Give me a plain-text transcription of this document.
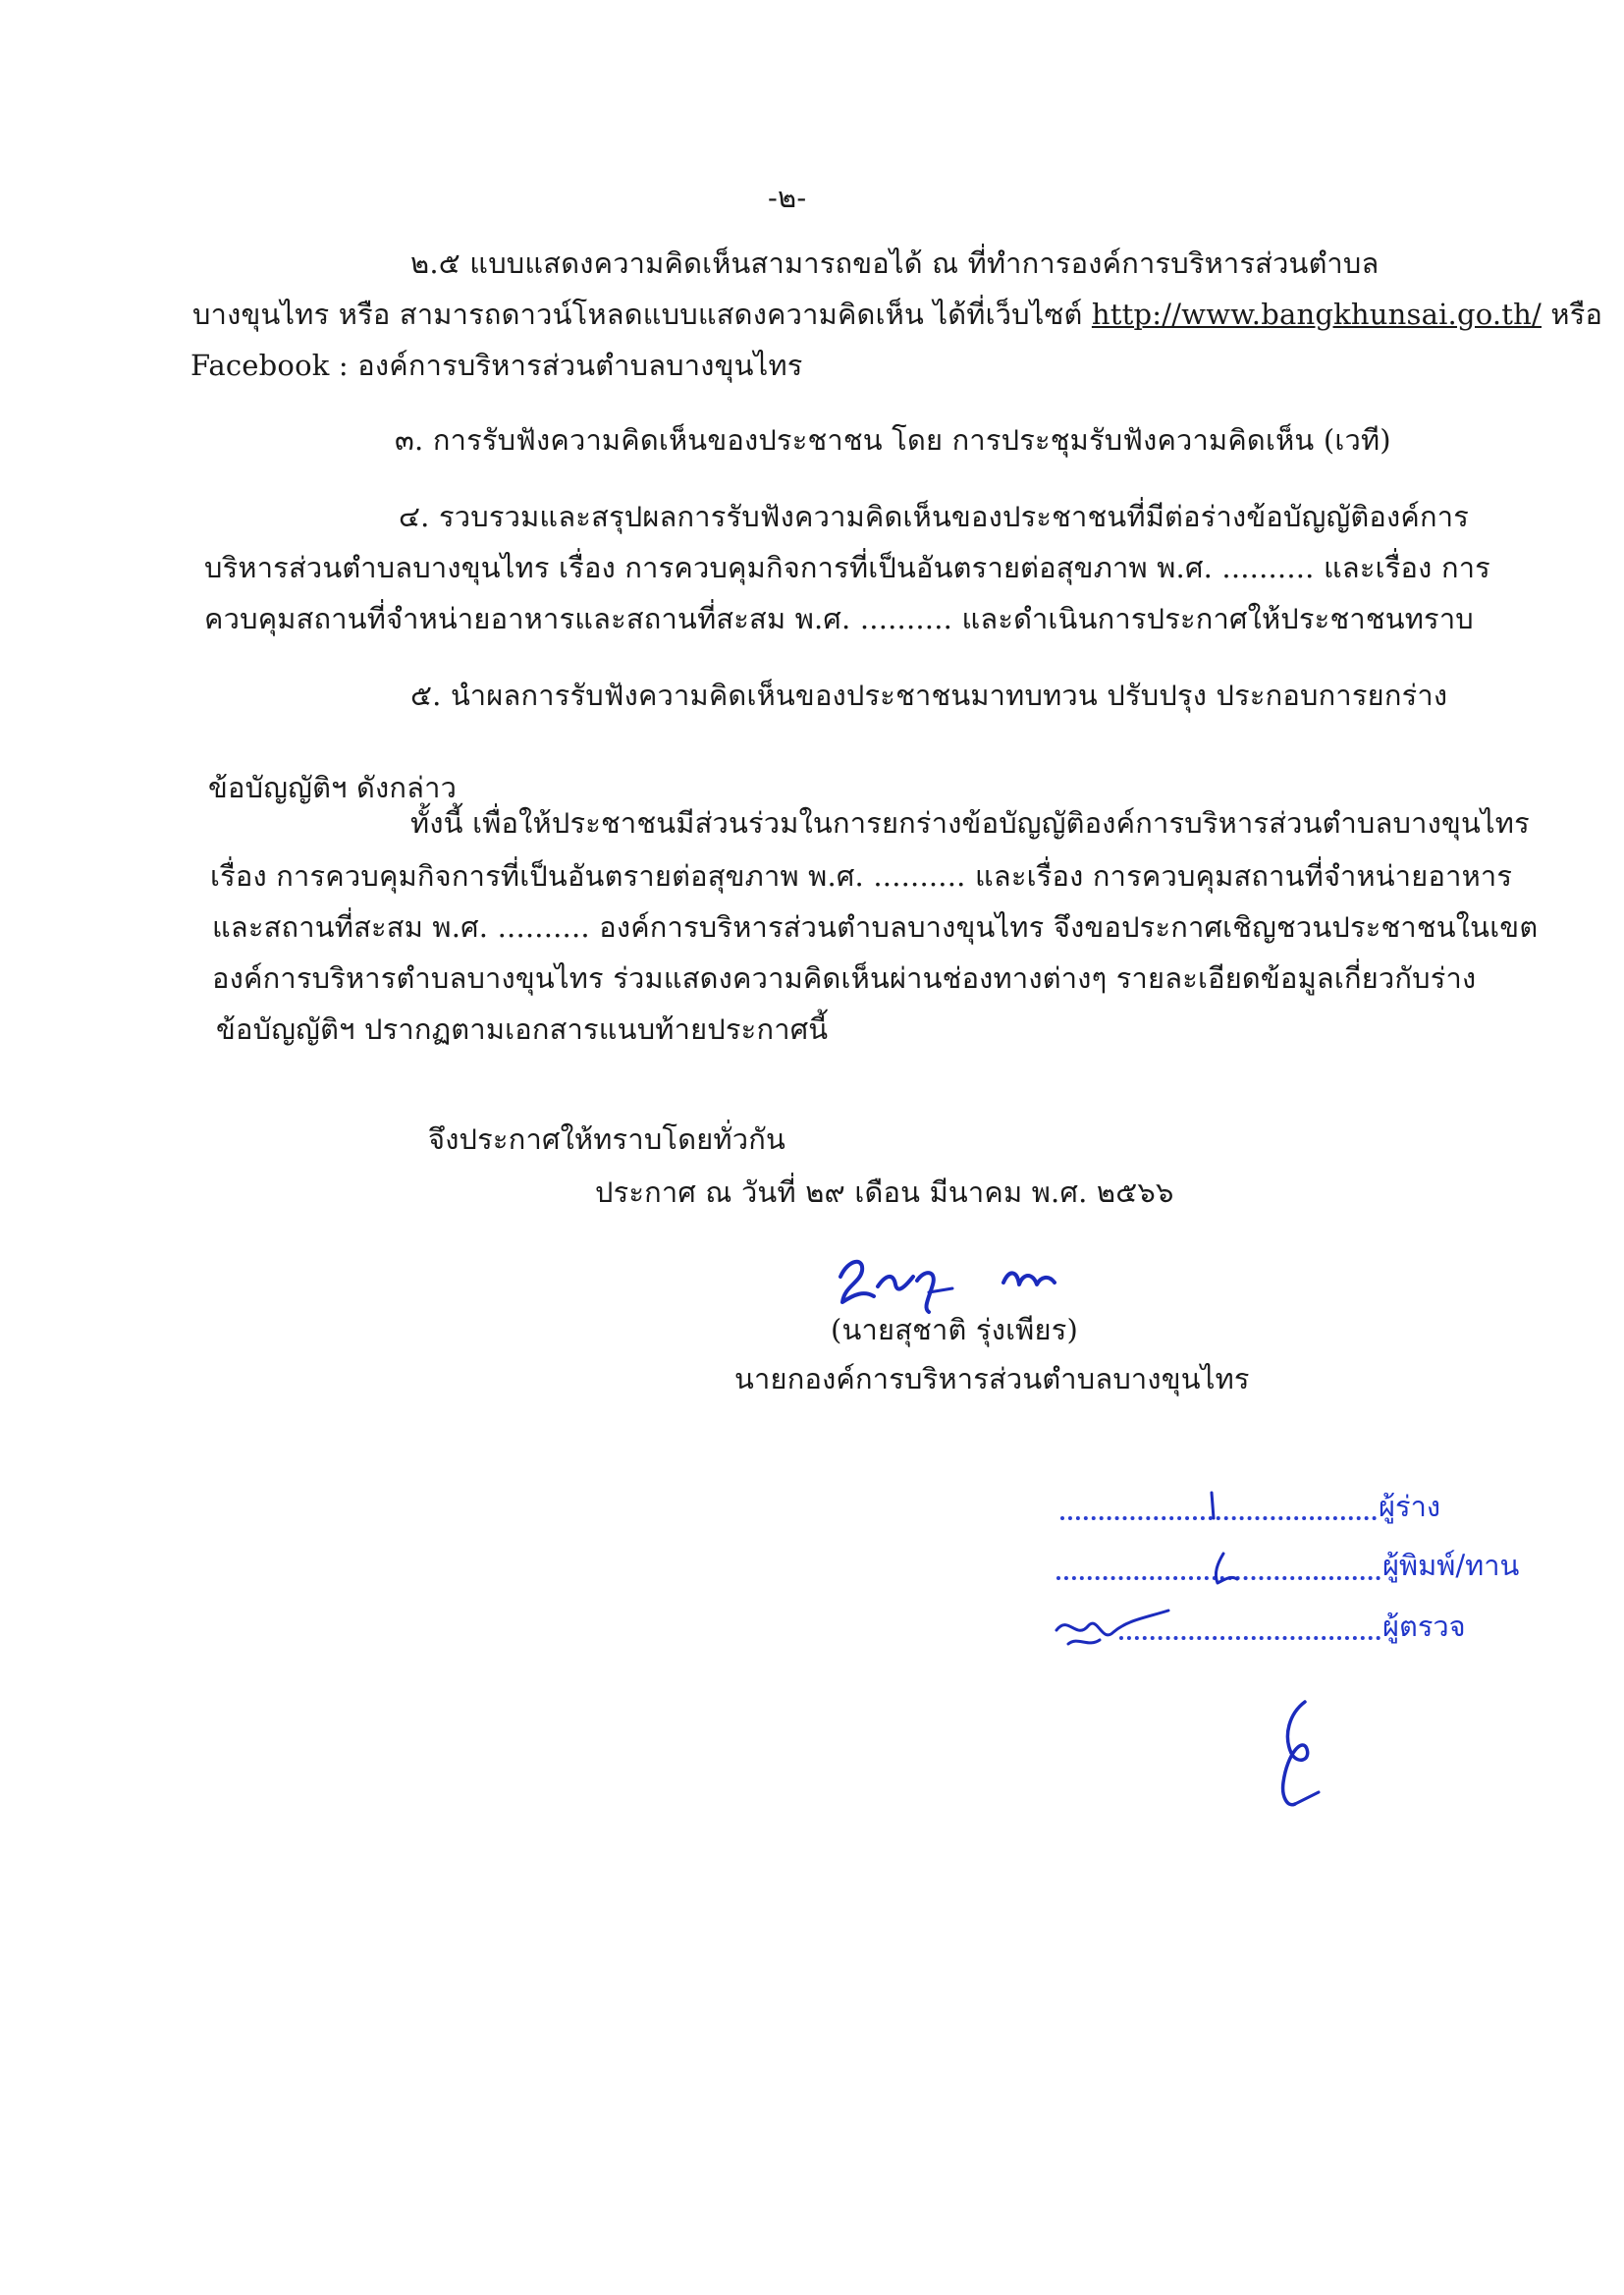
-๒-
๒.๕ แบบแสดงความคิดเห็นสามารถขอได้ ณ ที่ทำการองค์การบริหารส่วนตำบล
บางขุนไทร หรือ สามารถดาวน์โหลดแบบแสดงความคิดเห็น ได้ที่เว็บไซต์ http://www.bangkhunsai.go.th/ หรือ
Facebook : องค์การบริหารส่วนตำบลบางขุนไทร
๓. การรับฟังความคิดเห็นของประชาชน โดย การประชุมรับฟังความคิดเห็น (เวที)
๔. รวบรวมและสรุปผลการรับฟังความคิดเห็นของประชาชนที่มีต่อร่างข้อบัญญัติองค์การ
บริหารส่วนตำบลบางขุนไทร เรื่อง การควบคุมกิจการที่เป็นอันตรายต่อสุขภาพ พ.ศ. .......... และเรื่อง การ
ควบคุมสถานที่จำหน่ายอาหารและสถานที่สะสม พ.ศ. .......... และดำเนินการประกาศให้ประชาชนทราบ
๕. นำผลการรับฟังความคิดเห็นของประชาชนมาทบทวน ปรับปรุง ประกอบการยกร่าง
ข้อบัญญัติฯ ดังกล่าว
ทั้งนี้ เพื่อให้ประชาชนมีส่วนร่วมในการยกร่างข้อบัญญัติองค์การบริหารส่วนตำบลบางขุนไทร
เรื่อง การควบคุมกิจการที่เป็นอันตรายต่อสุขภาพ พ.ศ. .......... และเรื่อง การควบคุมสถานที่จำหน่ายอาหาร
และสถานที่สะสม พ.ศ. .......... องค์การบริหารส่วนตำบลบางขุนไทร จึงขอประกาศเชิญชวนประชาชนในเขต
องค์การบริหารตำบลบางขุนไทร ร่วมแสดงความคิดเห็นผ่านช่องทางต่างๆ รายละเอียดข้อมูลเกี่ยวกับร่าง
ข้อบัญญัติฯ ปรากฏตามเอกสารแนบท้ายประกาศนี้
จึงประกาศให้ทราบโดยทั่วกัน
ประกาศ ณ วันที่ ๒๙ เดือน มีนาคม พ.ศ. ๒๕๖๖
(นายสุชาติ รุ่งเพียร)
นายกองค์การบริหารส่วนตำบลบางขุนไทร
ผู้ร่าง
ผู้พิมพ์/ทาน
ผู้ตรวจ
